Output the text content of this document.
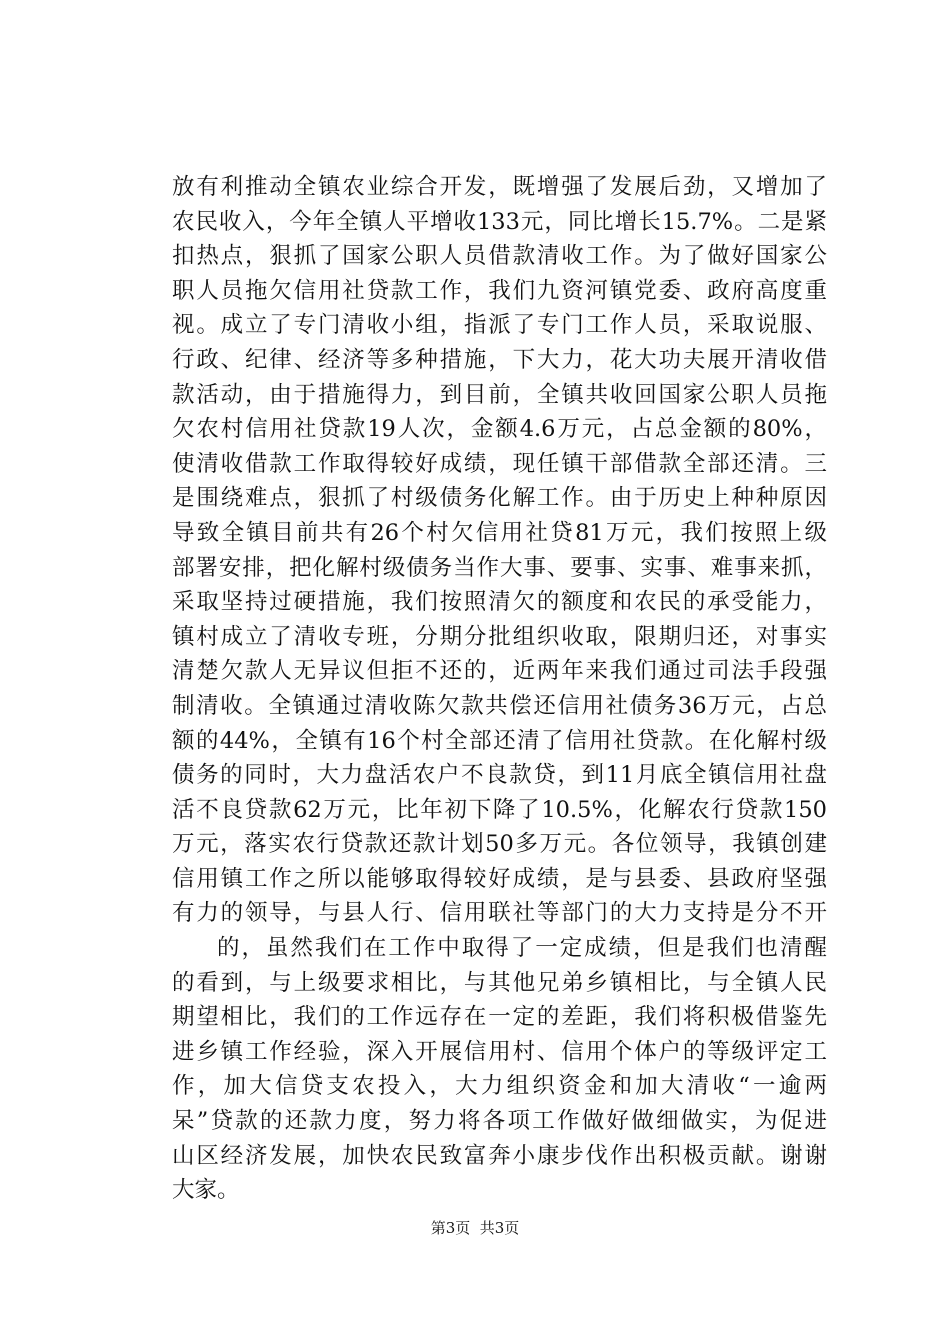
放有利推动全镇农业综合开发，既增强了发展后劲，又增加了
农民收入，今年全镇人平增收133元，同比增长15.7%。二是紧
扣热点，狠抓了国家公职人员借款清收工作。为了做好国家公
职人员拖欠信用社贷款工作，我们九资河镇党委、政府高度重
视。成立了专门清收小组，指派了专门工作人员，采取说服、
行政、纪律、经济等多种措施，下大力，花大功夫展开清收借
款活动，由于措施得力，到目前，全镇共收回国家公职人员拖
欠农村信用社贷款19人次，金额4.6万元，占总金额的80%，
使清收借款工作取得较好成绩，现任镇干部借款全部还清。三
是围绕难点，狠抓了村级债务化解工作。由于历史上种种原因
导致全镇目前共有26个村欠信用社贷81万元，我们按照上级
部署安排，把化解村级债务当作大事、要事、实事、难事来抓，
采取坚持过硬措施，我们按照清欠的额度和农民的承受能力，
镇村成立了清收专班，分期分批组织收取，限期归还，对事实
清楚欠款人无异议但拒不还的，近两年来我们通过司法手段强
制清收。全镇通过清收陈欠款共偿还信用社债务36万元，占总
额的44%，全镇有16个村全部还清了信用社贷款。在化解村级
债务的同时，大力盘活农户不良款贷，到11月底全镇信用社盘
活不良贷款62万元，比年初下降了10.5%，化解农行贷款150
万元，落实农行贷款还款计划50多万元。各位领导，我镇创建
信用镇工作之所以能够取得较好成绩，是与县委、县政府坚强
有力的领导，与县人行、信用联社等部门的大力支持是分不开
的，虽然我们在工作中取得了一定成绩，但是我们也清醒
的看到，与上级要求相比，与其他兄弟乡镇相比，与全镇人民
期望相比，我们的工作远存在一定的差距，我们将积极借鉴先
进乡镇工作经验，深入开展信用村、信用个体户的等级评定工
作，加大信贷支农投入，大力组织资金和加大清收“一逾两
呆”贷款的还款力度，努力将各项工作做好做细做实，为促进
山区经济发展，加快农民致富奔小康步伐作出积极贡献。谢谢
大家。
第3页  共3页
